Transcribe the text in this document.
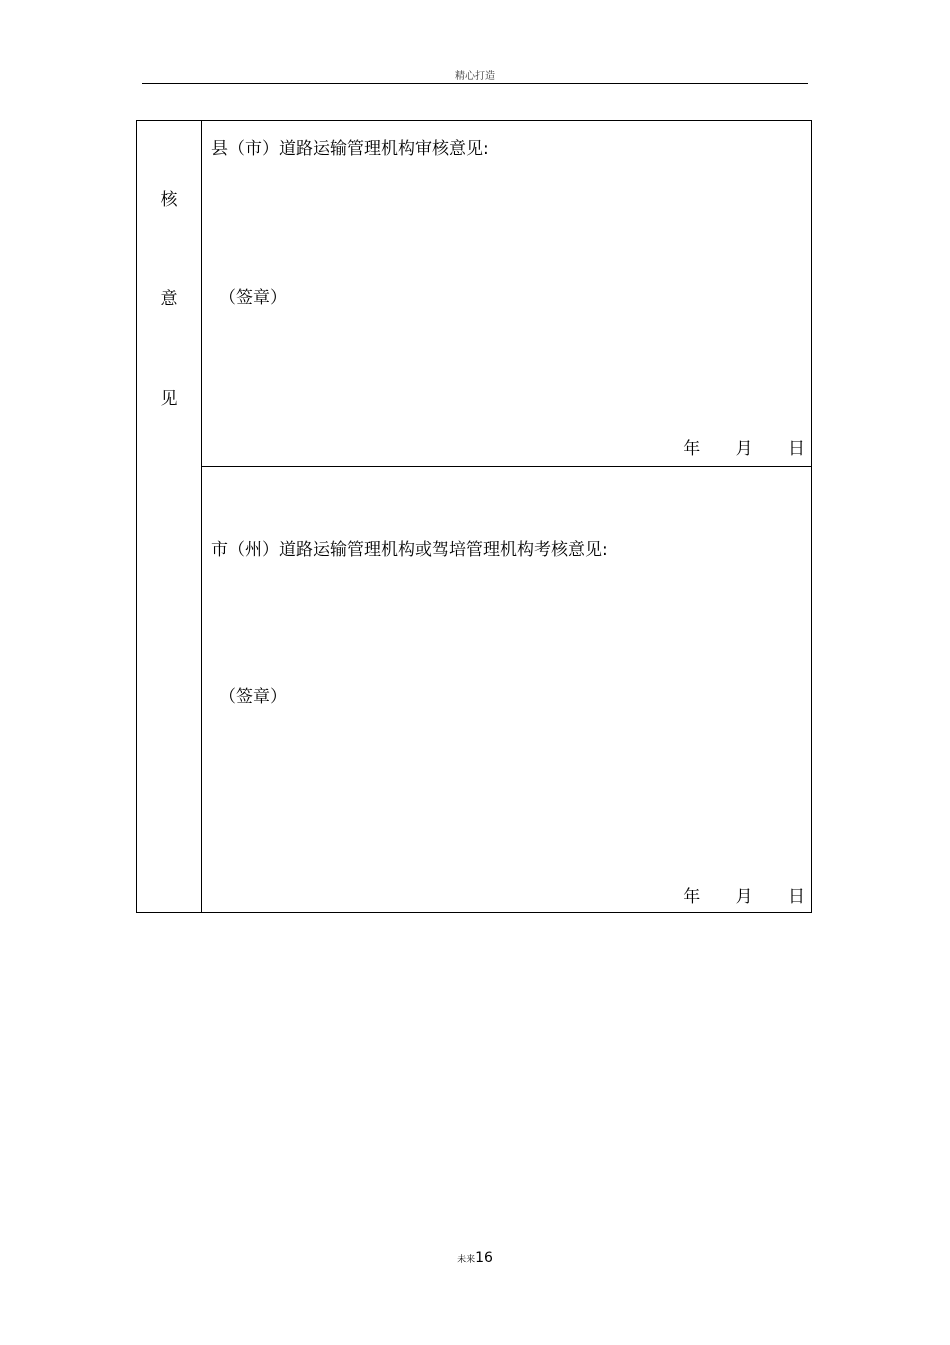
精心打造
核
意
见
县（市）道路运输管理机构审核意见:
（签章）
年 月 日
市（州）道路运输管理机构或驾培管理机构考核意见:
（签章）
年 月 日
未来16
